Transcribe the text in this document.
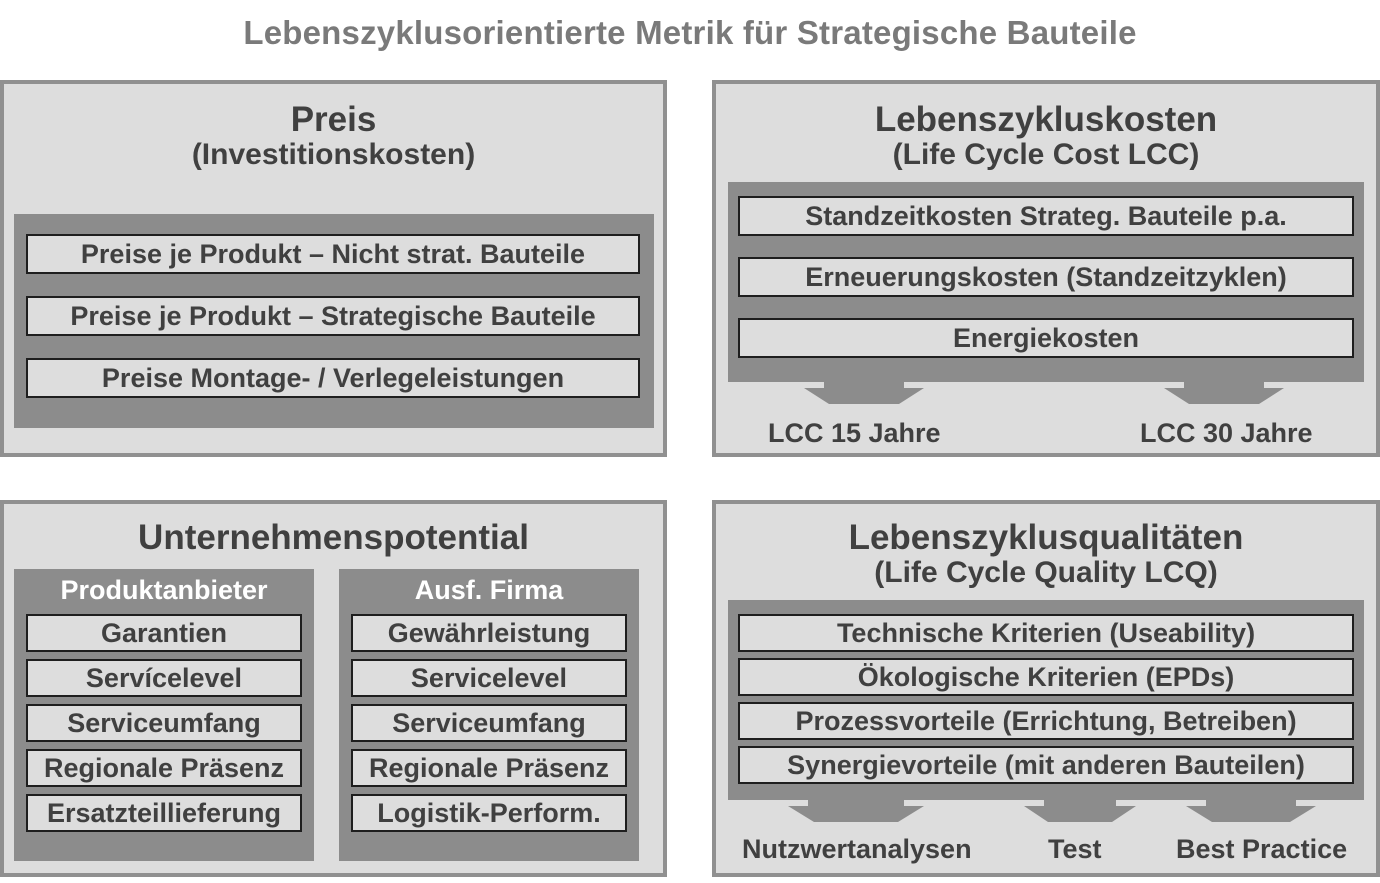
Lebenszyklusorientierte Metrik für Strategische Bauteile
Preis
(Investitionskosten)
Preise je Produkt – Nicht strat. Bauteile
Preise je Produkt – Strategische Bauteile
Preise Montage- / Verlegeleistungen
Lebenszykluskosten
(Life Cycle Cost LCC)
Standzeitkosten Strateg. Bauteile p.a.
Erneuerungskosten (Standzeitzyklen)
Energiekosten
LCC 15 Jahre	LCC 30 Jahre
Unternehmenspotential
Produktanbieter
Garantien
Servícelevel
Serviceumfang
Regionale Präsenz
Ersatzteillieferung
Ausf. Firma
Gewährleistung
Servicelevel
Serviceumfang
Regionale Präsenz
Logistik-Perform.
Lebenszyklusqualitäten
(Life Cycle Quality LCQ)
Technische Kriterien (Useability)
Ökologische Kriterien (EPDs)
Prozessvorteile (Errichtung, Betreiben)
Synergievorteile (mit anderen Bauteilen)
Nutzwertanalysen	Test	Best Practice
